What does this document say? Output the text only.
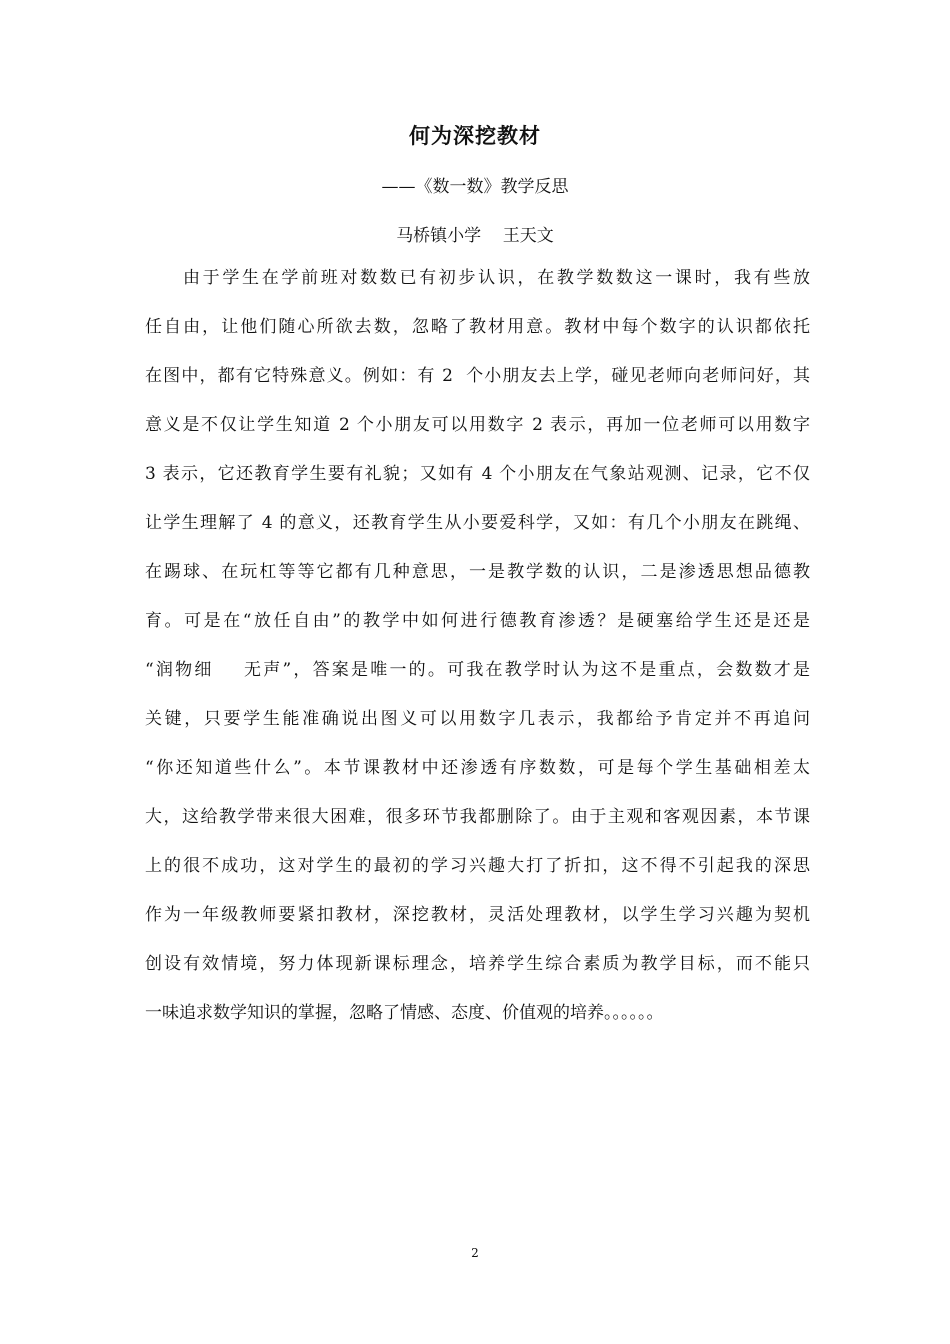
何为深挖教材
——《数一数》教学反思
马桥镇小学    王天文
由于学生在学前班对数数已有初步认识，在教学数数这一课时，我有些放
任自由，让他们随心所欲去数，忽略了教材用意。教材中每个数字的认识都依托
在图中，都有它特殊意义。例如：有 2  个小朋友去上学，碰见老师向老师问好，其
意义是不仅让学生知道 2 个小朋友可以用数字 2 表示，再加一位老师可以用数字
3 表示，它还教育学生要有礼貌；又如有 4 个小朋友在气象站观测、记录，它不仅
让学生理解了 4 的意义，还教育学生从小要爱科学，又如：有几个小朋友在跳绳、
在踢球、在玩杠等等它都有几种意思，一是教学数的认识，二是渗透思想品德教
育。可是在“放任自由”的教学中如何进行德教育渗透？是硬塞给学生还是还是
“润物细    无声”，答案是唯一的。可我在教学时认为这不是重点，会数数才是
关键，只要学生能准确说出图义可以用数字几表示，我都给予肯定并不再追问
“你还知道些什么”。本节课教材中还渗透有序数数，可是每个学生基础相差太
大，这给教学带来很大困难，很多环节我都删除了。由于主观和客观因素，本节课
上的很不成功，这对学生的最初的学习兴趣大打了折扣，这不得不引起我的深思
作为一年级教师要紧扣教材，深挖教材，灵活处理教材，以学生学习兴趣为契机
创设有效情境，努力体现新课标理念，培养学生综合素质为教学目标，而不能只
一味追求数学知识的掌握，忽略了情感、态度、价值观的培养。。。。。。
2
